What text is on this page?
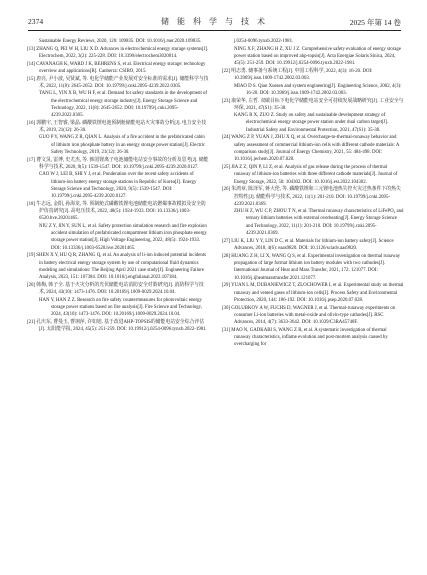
2374	储 能 科 学 与 技 术	2025 年第 14 卷
Sustainable Energy Reviews, 2020, 126: 109835. DOI: 10.1016/j.rser.2020.109835.
[13] ZHANG Q, PEI W H, LIU X D. Advances in electrochemical energy storage systems[J]. Electrochem, 2022, 3(2): 225-228. DOI: 10.3390/electrochem3020014.
[14] CAVANAGH K, WARD J K, BEHRENS S, et al. Electrical energy storage: technology overview and applications[R]. Canberra: CSIRO, 2015.
[15] 唐亮, 尹小波, 吴贤斌, 等. 电化学储能产业发展对安全标准的需求[J]. 储能科学与技术, 2022, 11(8): 2645-2652. DOI: 10.19799/j.cnki.2095-4239.2022.0305.
TANG L, YIN X B, WU H F, et al. Demand for safety standards in the development of the electrochemical energy storage industry[J]. Energy Storage Science and Technology, 2022, 11(8): 2645-2652. DOI: 10.19799/j.cnki.2095-4239.2022.0305.
[16] 郭鹏宇, 王智睿, 梁晶. 磷酸铁锂电池预制舱储能电站火灾事故分析[J]. 电力安全技术, 2019, 21(12): 26-30.
GUO P Y, WANG Z R, QIAN L. Analysis of a fire accident in the prefabricated cabin of lithium iron phosphate battery in an energy storage power station[J]. Electric Safety Technology, 2019, 21(12): 26-30.
[17] 曹文炅, 雷博, 史尤杰, 等. 韩国锂离子电池储能电站安全事故的分析及思考[J]. 储能科学与技术, 2020, 9(5): 1539-1547. DOI: 10.19799/j.cnki.2095-4239.2020.0127.
CAO W J, LEI B, SHI Y J, et al. Ponderation over the recent safety accidents of lithium-ion battery energy storage stations in Republic of Korea[J]. Energy Storage Science and Technology, 2020, 9(5): 1539-1547. DOI: 10.19799/j.cnki.2095-4239.2020.0127.
[18] 牛志远, 金阳, 孙海龙, 等. 预制舱式磷酸铁锂电池储能电站燃爆事故模拟及安全防护仿真研究[J]. 高电压技术, 2022, 48(5): 1924-1933. DOI: 10.13336/j.1003-6520.hve.20201465.
NIU Z Y, JIN Y, SUN L, et al. Safety protection simulation research and fire explosion accident simulation of prefabricated compartment lithium iron phosphate energy storage power station[J]. High Voltage Engineering, 2022, 48(5): 1924-1933. DOI: 10.13336/j.1003-6520.hve.20201465.
[19] SHEN X Y, HU Q R, ZHANG Q, et al. An analysis of li-ion induced potential incidents in battery electrical energy storage system by use of computational fluid dynamics modeling and simulations: The Beijing April 2021 case study[J]. Engineering Failure Analysis, 2023, 151: 107384. DOI: 10.1016/j.engfailanal.2023.107384.
[20] 韩梅, 韩子全. 基于火灾分析的光伏储能电站消防安全对策研究[J]. 消防科学与技术, 2024, 43(10): 1473-1476. DOI: 10.20169/j.1009-0029.2024.10.04.
HAN Y, HAN Z Z. Research on fire safety countermeasures for photovoltaic energy storage power stations based on fire analysis[J]. Fire Science and Technology, 2024, 43(10): 1473-1476. DOI: 10.20169/j.1009-0029.2024.10.04.
[21] 孔庆东, 曹曼玉, 曹翊萍, 许如旭. 基于改进AHP-TOPSIS的储能电站安全综合评估[J]. 太阳能学报, 2024, 45(5): 251-259. DOI: 10.19912/j.0254-0096.tynxb.2022-1981.
j.0254-0096.tynxb.2022-1981.
NING X F, ZHANG H Z, XU J Z. Comprehensive safety evaluation of energy storage power station based on improved ahp-topsis[J]. Acta Energiae Solaris Sinica, 2024, 45(5): 251-259. DOI: 10.19912/j.0254-0096.tynxb.2022-1981.
[22] 明志勇. 储事备与系统工程[J]. 中国工程科学, 2022, 4(3): 16-20. DOI: 10.3969/j.issn.1009-1742.2002.03.003.
MIAO D S. Qian Xuesen and system engineering[J]. Engineering Science, 2002, 4(3): 16-20. DOI: 10.3969/j.issn.1009-1742.2002.03.003.
[23] 康荣华, 左哲. 双碳目标下电化学储能电站安全可持续发展战略研究[J]. 工业安全与环保, 2021, 47(S1): 35-38.
KANG R X, ZUO Z. Study on safety and sustainable development strategy of electrochemical energy storage power station under dual carbon target[J]. Industrial Safety and Environmental Protection, 2021, 47(S1): 35-38.
[24] WANG Z P, YUAN J, ZHU X Q, et al. Overcharge-to-thermal-runaway behavior and safety assessment of commercial lithium-ion cells with different cathode materials: A comparison study[J]. Journal of Energy Chemistry, 2021, 55: 484-498. DOI: 10.1016/j.jechem.2020.07.028.
[25] JIA Z Z, QIN P, LI Z, et al. Analysis of gas release during the process of thermal runaway of lithium-ion batteries with three different cathode materials[J]. Journal of Energy Storage, 2022, 50: 104302. DOI: 10.1016/j.est.2022.104302.
[26] 朱鸿章, 陈泽军, 蒋大伦, 等. 磷酸铁锂和三元锂电池热失控火灾过热条件下的热失控特性[J]. 储能科学与技术, 2022, 11(1): 201-210. DOI: 10.19799/j.cnki.2095-4239.2021.0369.
ZHU H Z, WU C P, ZHOU T N, et al. Thermal runaway characteristics of LiFePO₄ and ternary lithium batteries with external overheating[J]. Energy Storage Science and Technology, 2022, 11(1): 201-210. DOI: 10.19799/j.cnki.2095-4239.2021.0369.
[27] LIU K, LIU Y Y, LIN D C, et al. Materials for lithium-ion battery safety[J]. Science Advances, 2018, 4(6): eaas9820. DOI: 10.1126/sciadv.aas9820.
[28] HUANG Z H, LI X, WANG Q S, et al. Experimental investigation on thermal runaway propagation of large format lithium ion battery modules with two cathodes[J]. International Journal of Heat and Mass Transfer, 2021, 172: 121077. DOI: 10.1016/j.ijheatmasstransfer.2021.121077.
[29] YUAN L M, DUBANIEWICZ T, ZLOCHOWER I, et al. Experimental study on thermal runaway and vented gases of lithium-ion cells[J]. Process Safety and Environmental Protection, 2020, 144: 186-192. DOI: 10.1016/j.psep.2020.07.028.
[30] GOLUBKOV A W, FUCHS D, WAGNER J, et al. Thermal-runaway experiments on consumer Li-ion batteries with metal-oxide and olivin-type cathodes[J]. RSC Advances, 2014, 4(7): 3633-3642. DOI: 10.1039/C3RA45748F.
[31] MAO N, GADKARI S, WANG Z R, et al. A systematic investigation of thermal runaway characteristics, inflame evolution and post-mortem analysis caused by overcharging for
